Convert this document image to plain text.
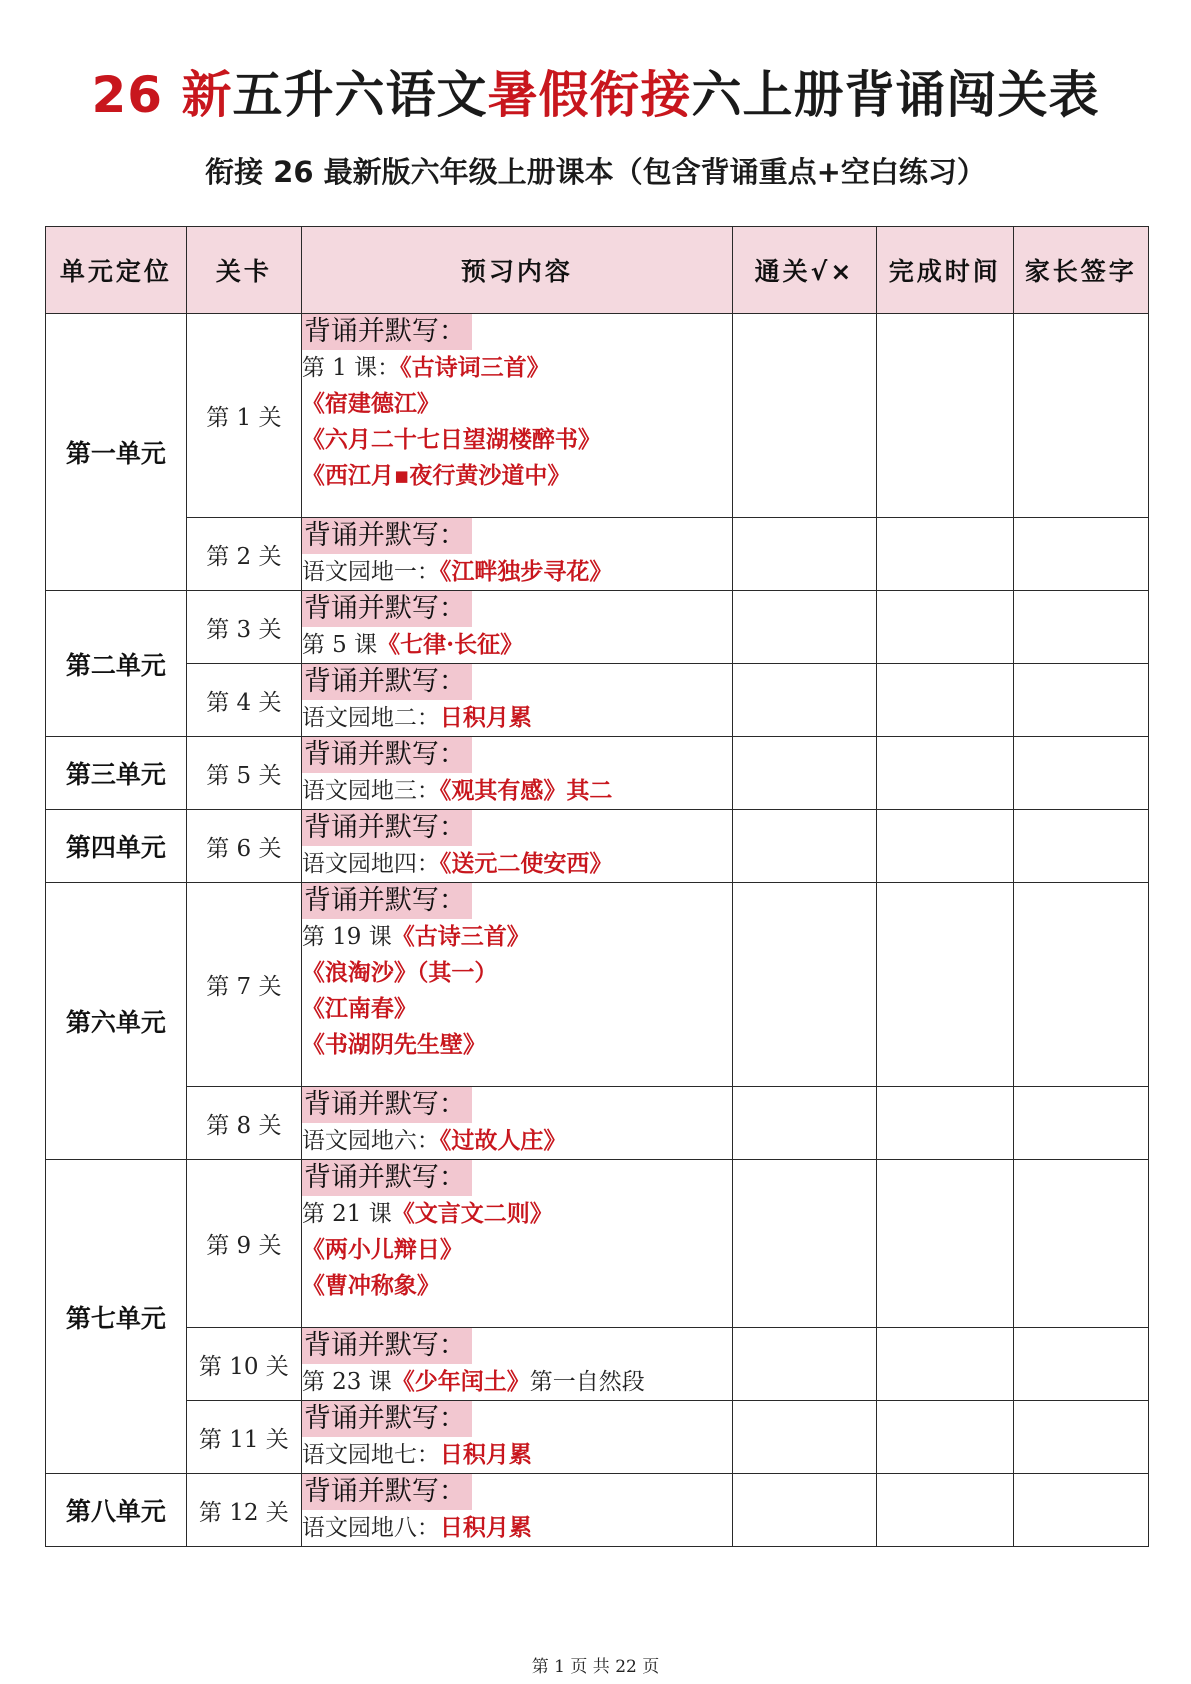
26 新五升六语文暑假衔接六上册背诵闯关表
衔接 26 最新版六年级上册课本（包含背诵重点+空白练习）
单元定位	关卡	预习内容	通关√×	完成时间	家长签字
第一单元	第 1 关	背诵并默写：
第 1 课：《古诗词三首》
《宿建德江》
《六月二十七日望湖楼醉书》
《西江月▪夜行黄沙道中》			

	第 2 关	背诵并默写：
语文园地一：《江畔独步寻花》			

第二单元	第 3 关	背诵并默写：
第 5 课《七律·长征》			

	第 4 关	背诵并默写：
语文园地二：日积月累			

第三单元	第 5 关	背诵并默写：
语文园地三：《观其有感》其二			

第四单元	第 6 关	背诵并默写：
语文园地四：《送元二使安西》			

第六单元	第 7 关	背诵并默写：
第 19 课《古诗三首》
《浪淘沙》（其一）
《江南春》
《书湖阴先生壁》			

	第 8 关	背诵并默写：
语文园地六：《过故人庄》			

第七单元	第 9 关	背诵并默写：
第 21 课《文言文二则》
《两小儿辩日》
《曹冲称象》			

	第 10 关	背诵并默写：
第 23 课《少年闰土》第一自然段			

	第 11 关	背诵并默写：
语文园地七：日积月累			

第八单元	第 12 关	背诵并默写：
语文园地八：日积月累			

第 1 页 共 22 页
